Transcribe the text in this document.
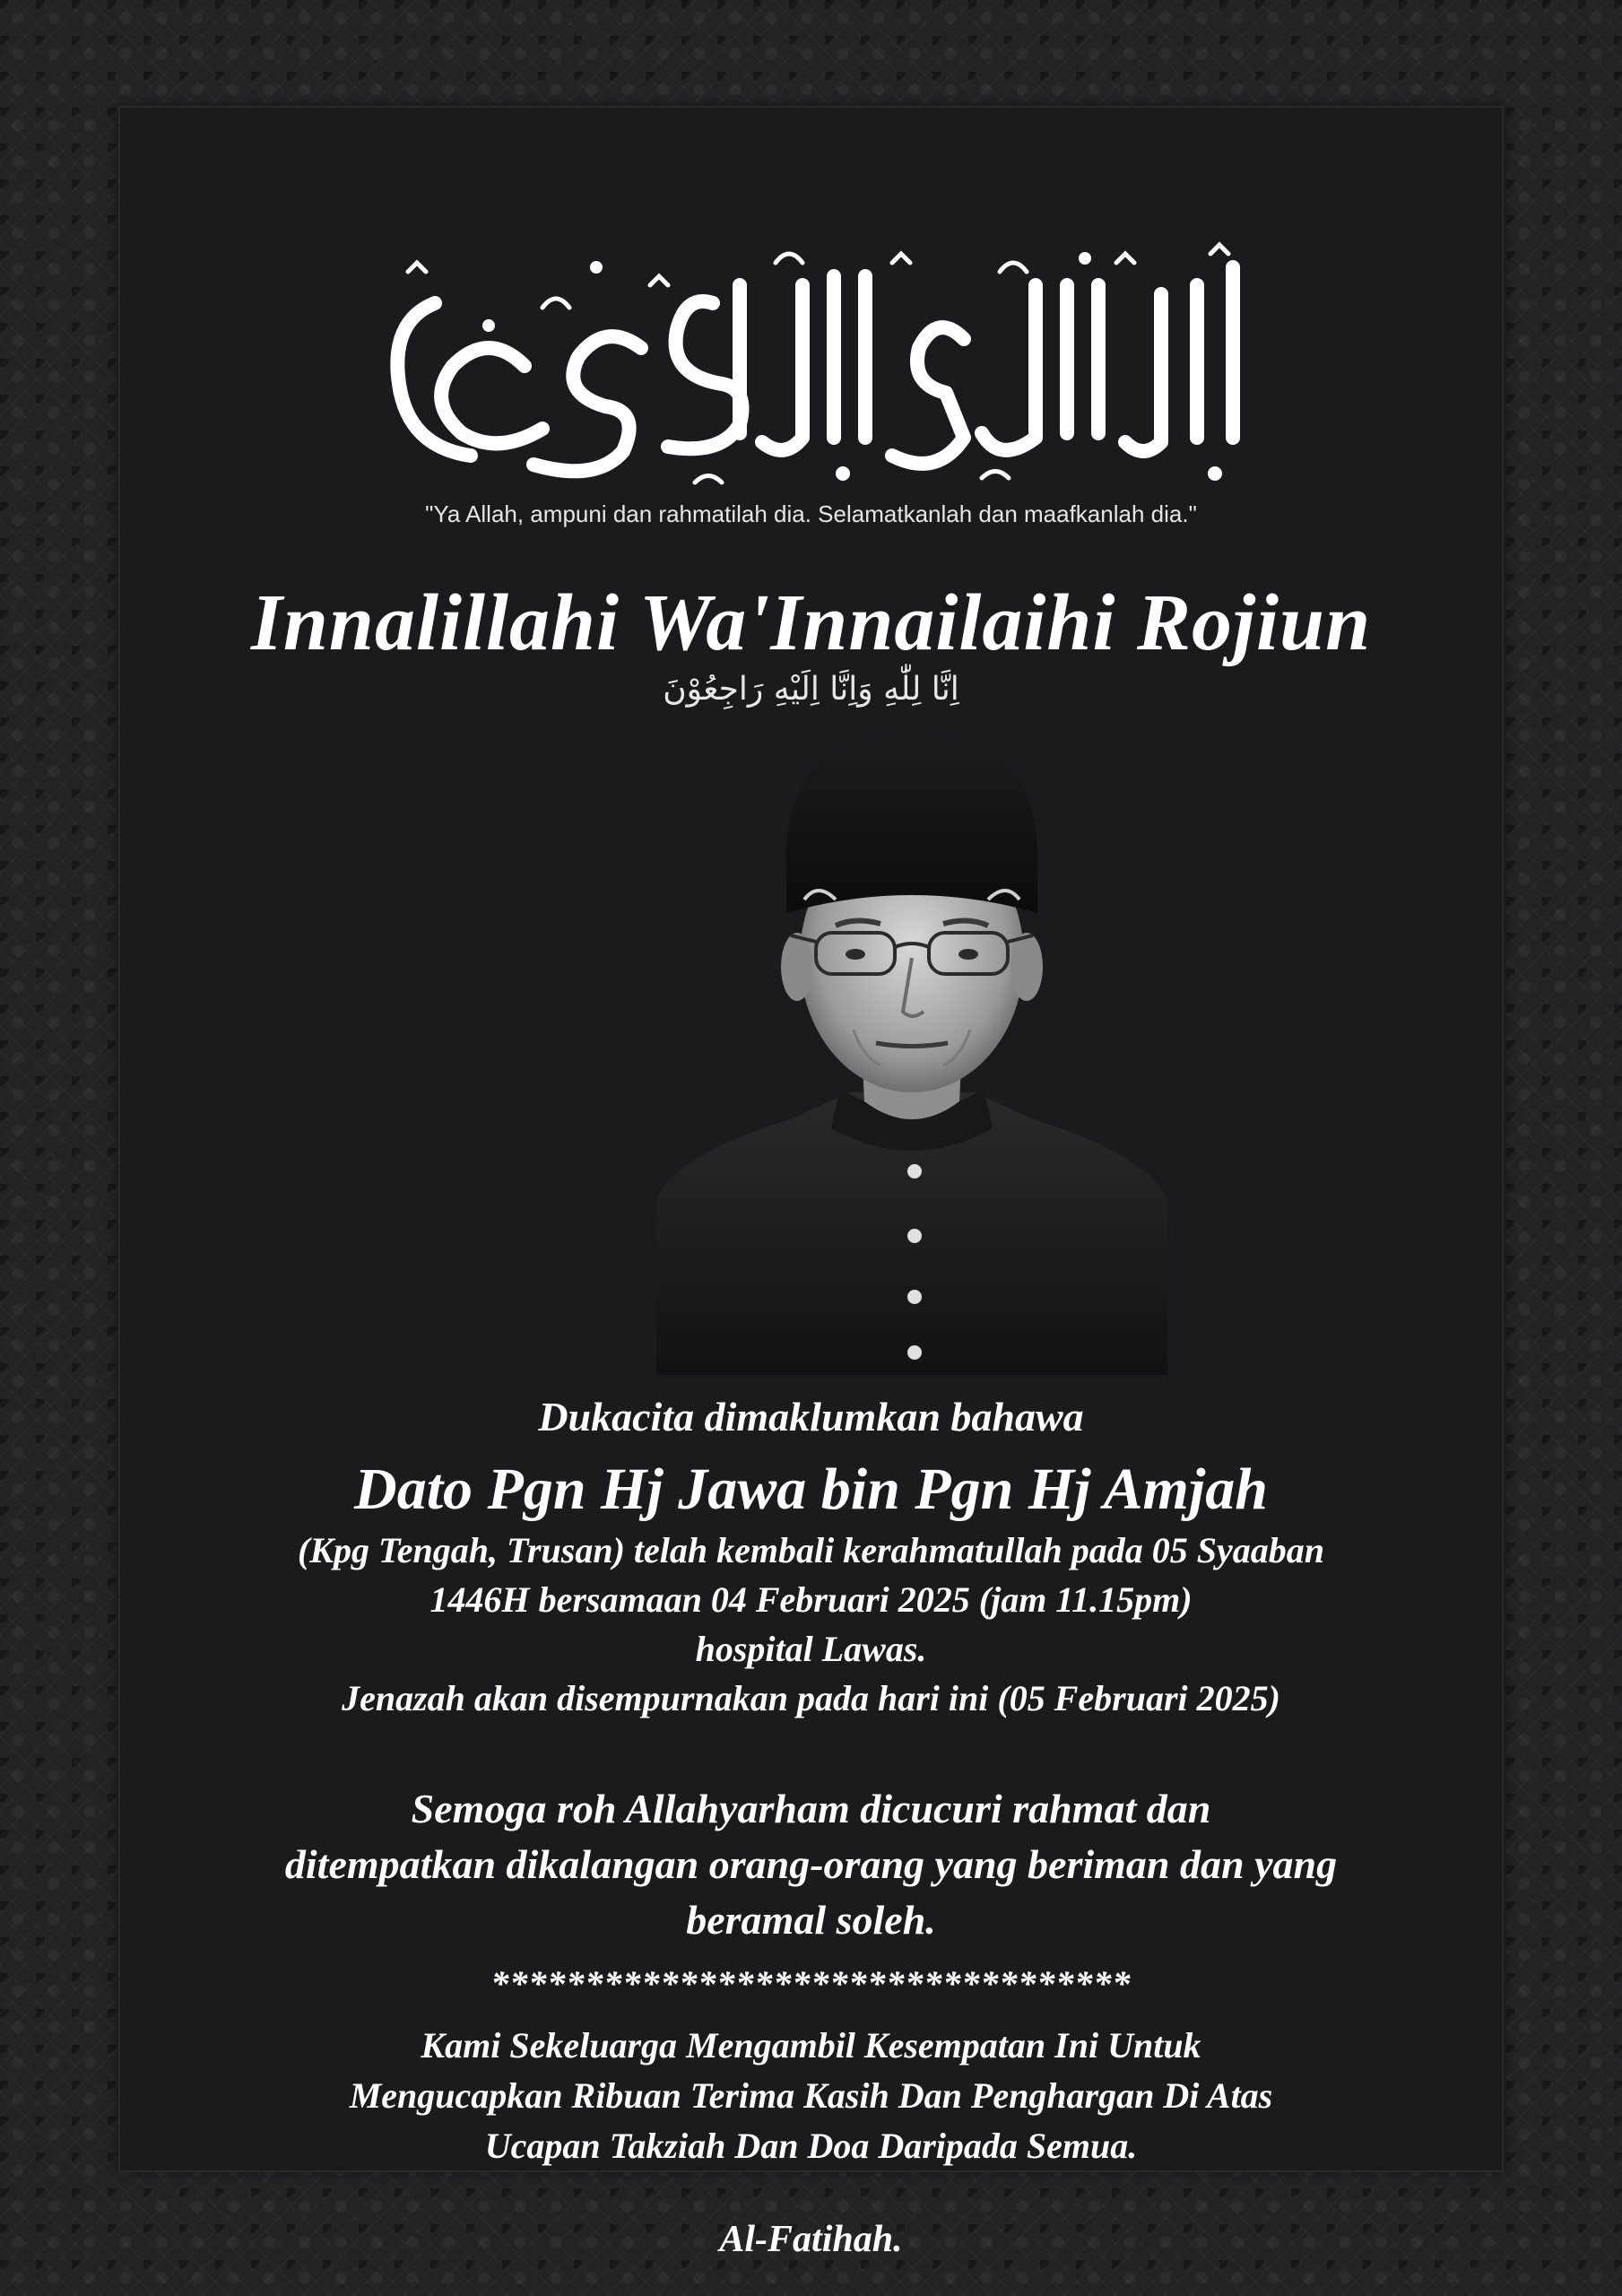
"Ya Allah, ampuni dan rahmatilah dia. Selamatkanlah dan maafkanlah dia."
Innalillahi Wa'Innailaihi Rojiun
اِنَّا لِلّٰهِ وَاِنَّا اِلَيْهِ رَاجِعُوْنَ
Dukacita dimaklumkan bahawa
Dato Pgn Hj Jawa bin Pgn Hj Amjah
(Kpg Tengah, Trusan) telah kembali kerahmatullah pada 05 Syaaban
1446H bersamaan 04 Februari 2025 (jam 11.15pm)
hospital Lawas.
Jenazah akan disempurnakan pada hari ini (05 Februari 2025)
Semoga roh Allahyarham dicucuri rahmat dan
ditempatkan dikalangan orang-orang yang beriman dan yang
beramal soleh.
**********************************
Kami Sekeluarga Mengambil Kesempatan Ini Untuk
Mengucapkan Ribuan Terima Kasih Dan Penghargan Di Atas
Ucapan Takziah Dan Doa Daripada Semua.
Al-Fatihah.
